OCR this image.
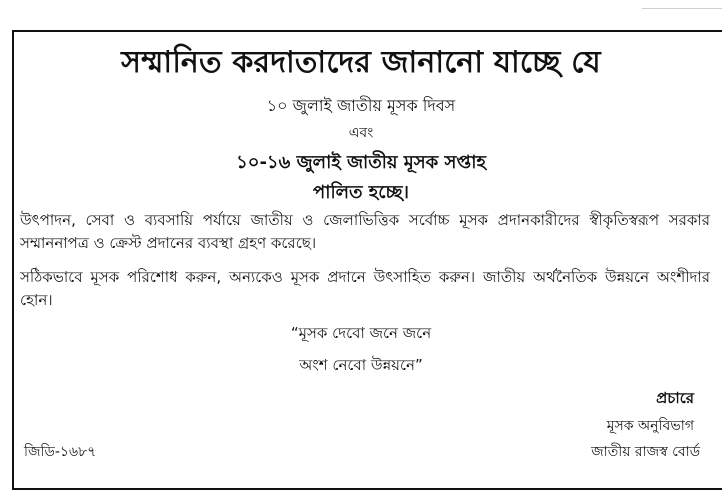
সম্মানিত করদাতাদের জানানো যাচ্ছে যে
১০ জুলাই জাতীয় মূসক দিবস
এবং
১০-১৬ জুলাই জাতীয় মূসক সপ্তাহ
পালিত হচ্ছে।
উৎপাদন, সেবা ও ব্যবসায়ি পর্যায়ে জাতীয় ও জেলাভিত্তিক সর্বোচ্চ মূসক প্রদানকারীদের স্বীকৃতিস্বরূপ সরকার সম্মাননাপত্র ও ক্রেস্ট প্রদানের ব্যবস্থা গ্রহণ করেছে।
সঠিকভাবে মূসক পরিশোধ করুন, অন্যকেও মূসক প্রদানে উৎসাহিত করুন। জাতীয় অর্থনৈতিক উন্নয়নে অংশীদার হোন।
“মূসক দেবো জনে জনে
অংশ নেবো উন্নয়নে”
প্রচারে
মূসক অনুবিভাগ
জাতীয় রাজস্ব বোর্ড
জিডি-১৬৮৭
